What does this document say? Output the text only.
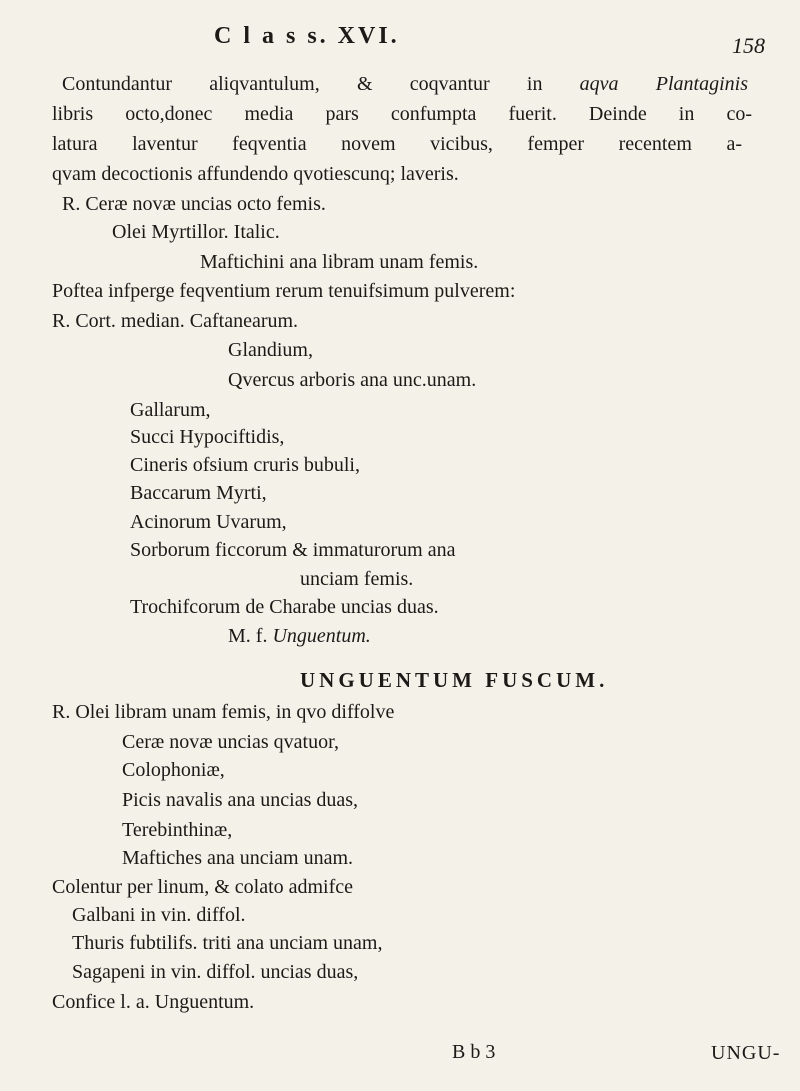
C l a s s. XVI.	158
Contundantur aliqvantulum, & coqvantur in aqva Plantaginis
libris octo,donec media pars confumpta fuerit. Deinde in co-
latura laventur feqventia novem vicibus, femper recentem a-
qvam decoctionis affundendo qvotiescunq; laveris.
R. Ceræ novæ uncias octo femis.
Olei Myrtillor. Italic.
Maftichini ana libram unam femis.
Poftea infperge feqventium rerum tenuifsimum pulverem:
R. Cort. median. Caftanearum.
Glandium,
Qvercus arboris ana unc.unam.
Gallarum,
Succi Hypociftidis,
Cineris ofsium cruris bubuli,
Baccarum Myrti,
Acinorum Uvarum,
Sorborum ficcorum & immaturorum ana
unciam femis.
Trochifcorum de Charabe uncias duas.
M. f. Unguentum.
UNGUENTUM FUSCUM.
R. Olei libram unam femis, in qvo diffolve
Ceræ novæ uncias qvatuor,
Colophoniæ,
Picis navalis ana uncias duas,
Terebinthinæ,
Maftiches ana unciam unam.
Colentur per linum, & colato admifce
Galbani in vin. diffol.
Thuris fubtilifs. triti ana unciam unam,
Sagapeni in vin. diffol. uncias duas,
Confice l. a. Unguentum.
B b 3	UNGU-
